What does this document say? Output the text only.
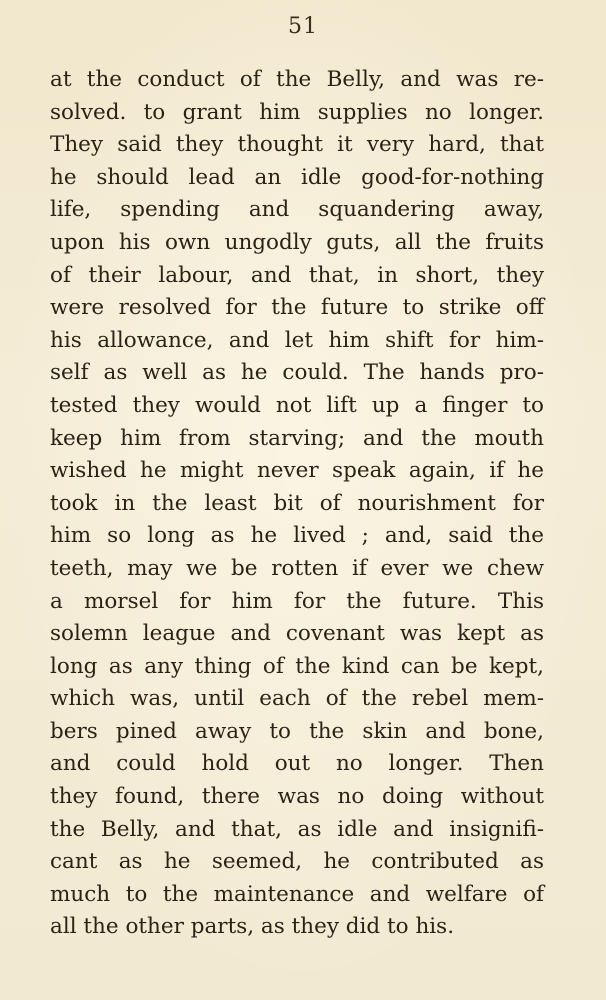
51
at the conduct of the Belly, and was re-
solved. to grant him supplies no longer.
They said they thought it very hard, that
he should lead an idle good-for-nothing
life, spending and squandering away,
upon his own ungodly guts, all the fruits
of their labour, and that, in short, they
were resolved for the future to strike off
his allowance, and let him shift for him-
self as well as he could. The hands pro-
tested they would not lift up a finger to
keep him from starving; and the mouth
wished he might never speak again, if he
took in the least bit of nourishment for
him so long as he lived ; and, said the
teeth, may we be rotten if ever we chew
a morsel for him for the future. This
solemn league and covenant was kept as
long as any thing of the kind can be kept,
which was, until each of the rebel mem-
bers pined away to the skin and bone,
and could hold out no longer. Then
they found, there was no doing without
the Belly, and that, as idle and insignifi-
cant as he seemed, he contributed as
much to the maintenance and welfare of
all the other parts, as they did to his.
